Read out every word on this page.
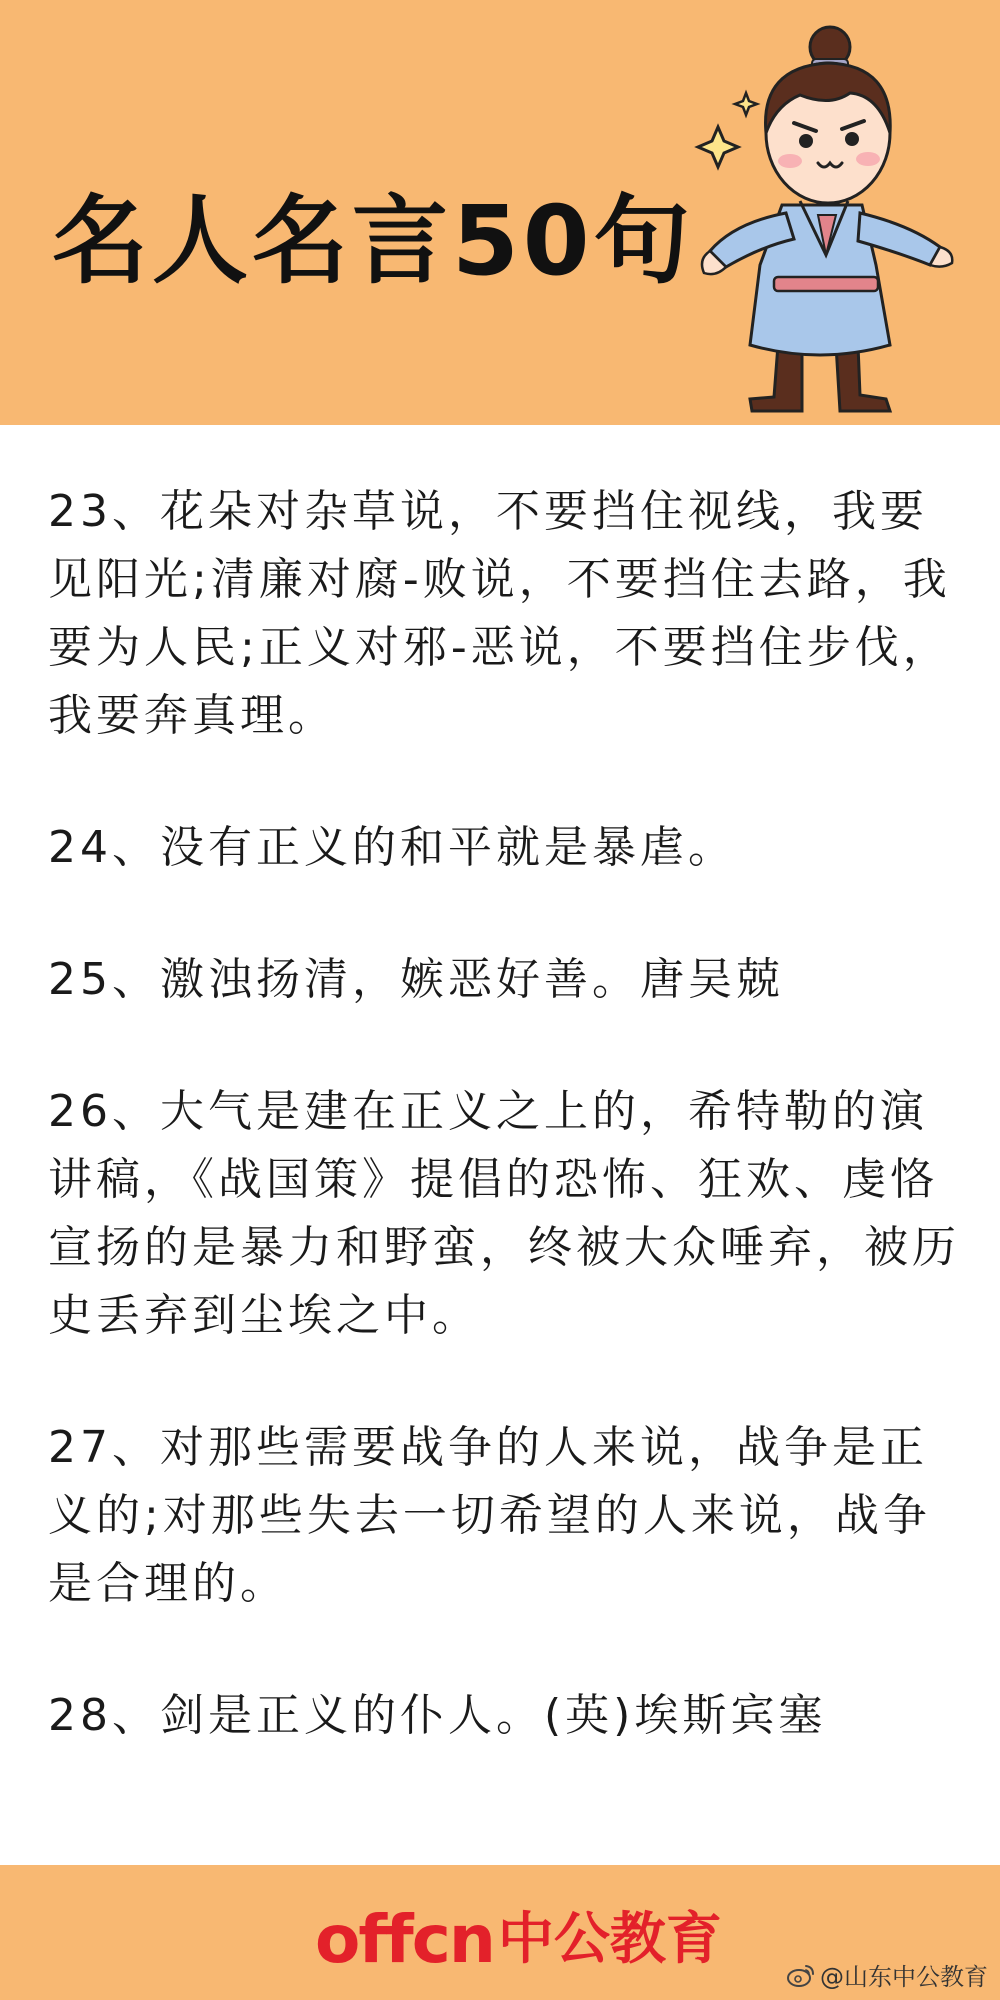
名人名言50句

23、花朵对杂草说，不要挡住视线，我要见阳光;清廉对腐-败说，不要挡住去路，我要为人民;正义对邪-恶说，不要挡住步伐，我要奔真理。

24、没有正义的和平就是暴虐。

25、激浊扬清，嫉恶好善。唐吴兢

26、大气是建在正义之上的，希特勒的演讲稿，《战国策》提倡的恐怖、狂欢、虔恪宣扬的是暴力和野蛮，终被大众唾弃，被历史丢弃到尘埃之中。

27、对那些需要战争的人来说，战争是正义的;对那些失去一切希望的人来说，战争是合理的。

28、剑是正义的仆人。(英)埃斯宾塞

offcn 中公教育
@山东中公教育
